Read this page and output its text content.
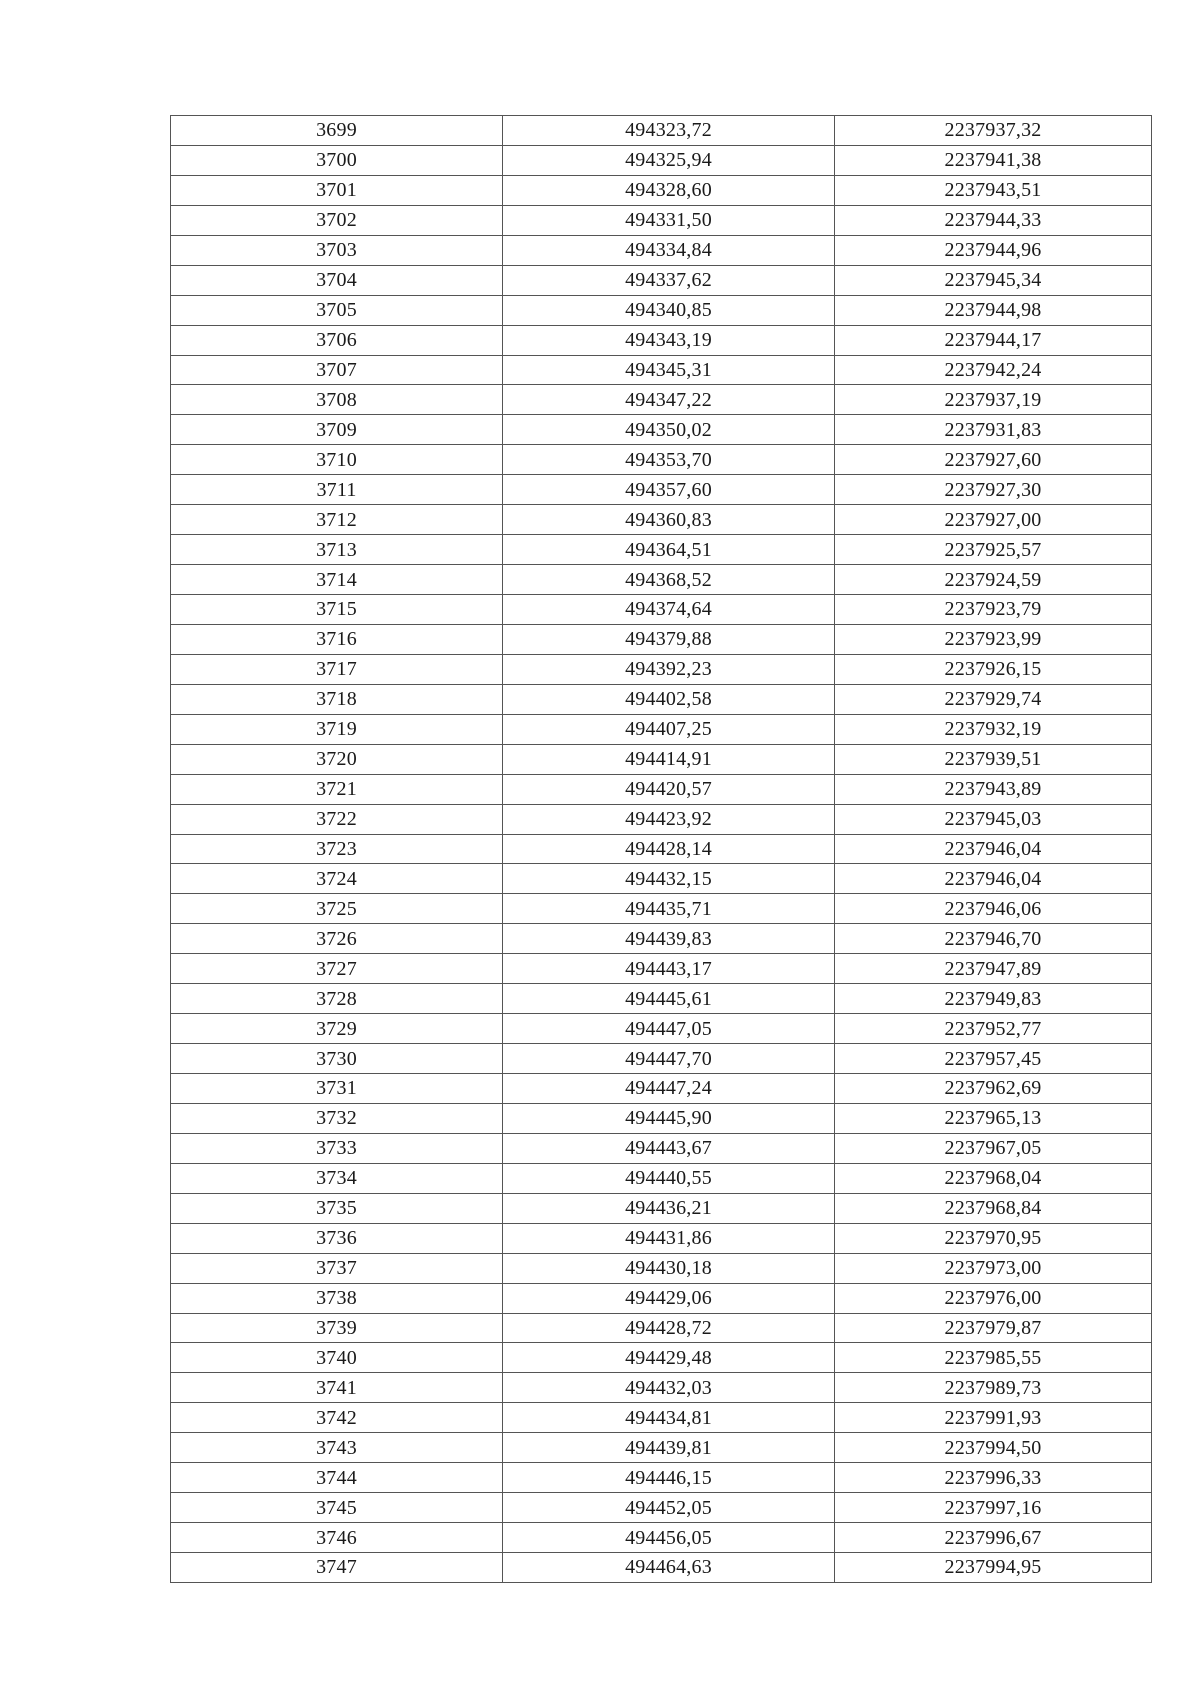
3699	494323,72	2237937,32
3700	494325,94	2237941,38
3701	494328,60	2237943,51
3702	494331,50	2237944,33
3703	494334,84	2237944,96
3704	494337,62	2237945,34
3705	494340,85	2237944,98
3706	494343,19	2237944,17
3707	494345,31	2237942,24
3708	494347,22	2237937,19
3709	494350,02	2237931,83
3710	494353,70	2237927,60
3711	494357,60	2237927,30
3712	494360,83	2237927,00
3713	494364,51	2237925,57
3714	494368,52	2237924,59
3715	494374,64	2237923,79
3716	494379,88	2237923,99
3717	494392,23	2237926,15
3718	494402,58	2237929,74
3719	494407,25	2237932,19
3720	494414,91	2237939,51
3721	494420,57	2237943,89
3722	494423,92	2237945,03
3723	494428,14	2237946,04
3724	494432,15	2237946,04
3725	494435,71	2237946,06
3726	494439,83	2237946,70
3727	494443,17	2237947,89
3728	494445,61	2237949,83
3729	494447,05	2237952,77
3730	494447,70	2237957,45
3731	494447,24	2237962,69
3732	494445,90	2237965,13
3733	494443,67	2237967,05
3734	494440,55	2237968,04
3735	494436,21	2237968,84
3736	494431,86	2237970,95
3737	494430,18	2237973,00
3738	494429,06	2237976,00
3739	494428,72	2237979,87
3740	494429,48	2237985,55
3741	494432,03	2237989,73
3742	494434,81	2237991,93
3743	494439,81	2237994,50
3744	494446,15	2237996,33
3745	494452,05	2237997,16
3746	494456,05	2237996,67
3747	494464,63	2237994,95
